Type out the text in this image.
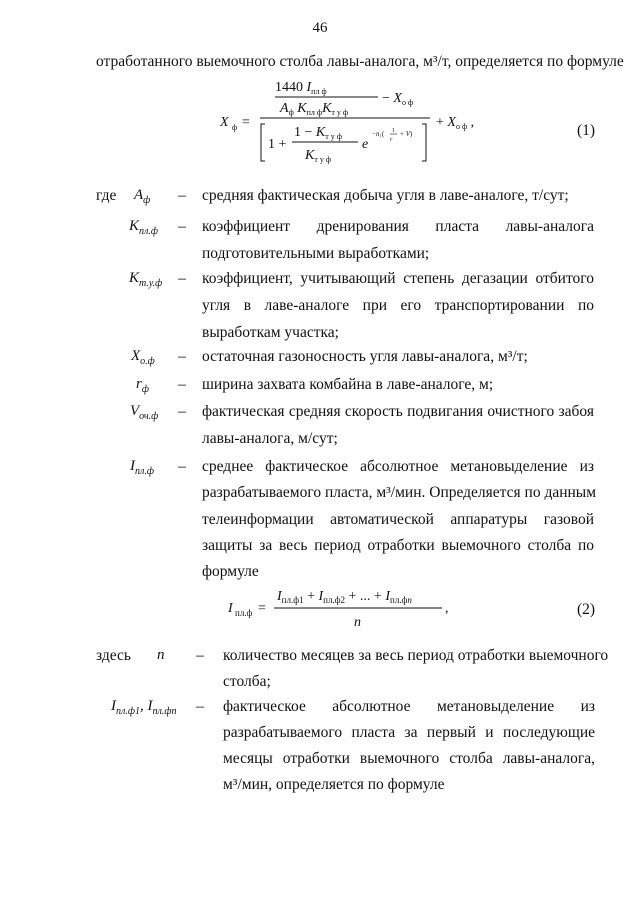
46
отработанного выемочного столба лавы-аналога, м³/т, определяется по формуле
1440 $I_{пл ф}$
$A_ф$ $K_{пл ф}K_{т у ф}$
− $X_{о ф}$
X ф =	+ $X_{о ф}$ ,
1 +
$1 - K_{т у ф}$
$K_{т у ф}$
e
−n₁( 1
r
+ V)	(1)
где $A_ф$	–	средняя фактическая добыча угля в лаве-аналоге, т/сут;
$K_{пл.ф}$	–	коэффициент дренирования пласта лавы-аналога
подготовительными выработками;
$K_{т.у.ф}$	–	коэффициент, учитывающий степень дегазации отбитого
угля в лаве-аналоге при его транспортировании по
выработкам участка;
$X_{о.ф}$	–	остаточная газоносность угля лавы-аналога, м³/т;
$r_ф$	–	ширина захвата комбайна в лаве-аналоге, м;
$V_{оч.ф}$	–	фактическая средняя скорость подвигания очистного забоя
лавы-аналога, м/сут;
$I_{пл.ф}$	–	среднее фактическое абсолютное метановыделение из
разрабатываемого пласта, м³/мин. Определяется по данным
телеинформации автоматической аппаратуры газовой
защиты за весь период отработки выемочного столба по
формуле
I пл.ф =
$I_{пл.ф1} + I_{пл.ф2}$ + ... + $I_{пл.ф}n$
n
,	(2)
здесь n	–	количество месяцев за весь период отработки выемочного
столба;
$I_{пл.ф1}$, $I_{пл.фn}$	–	фактическое абсолютное метановыделение из
разрабатываемого пласта за первый и последующие
месяцы отработки выемочного столба лавы-аналога,
м³/мин, определяется по формуле
